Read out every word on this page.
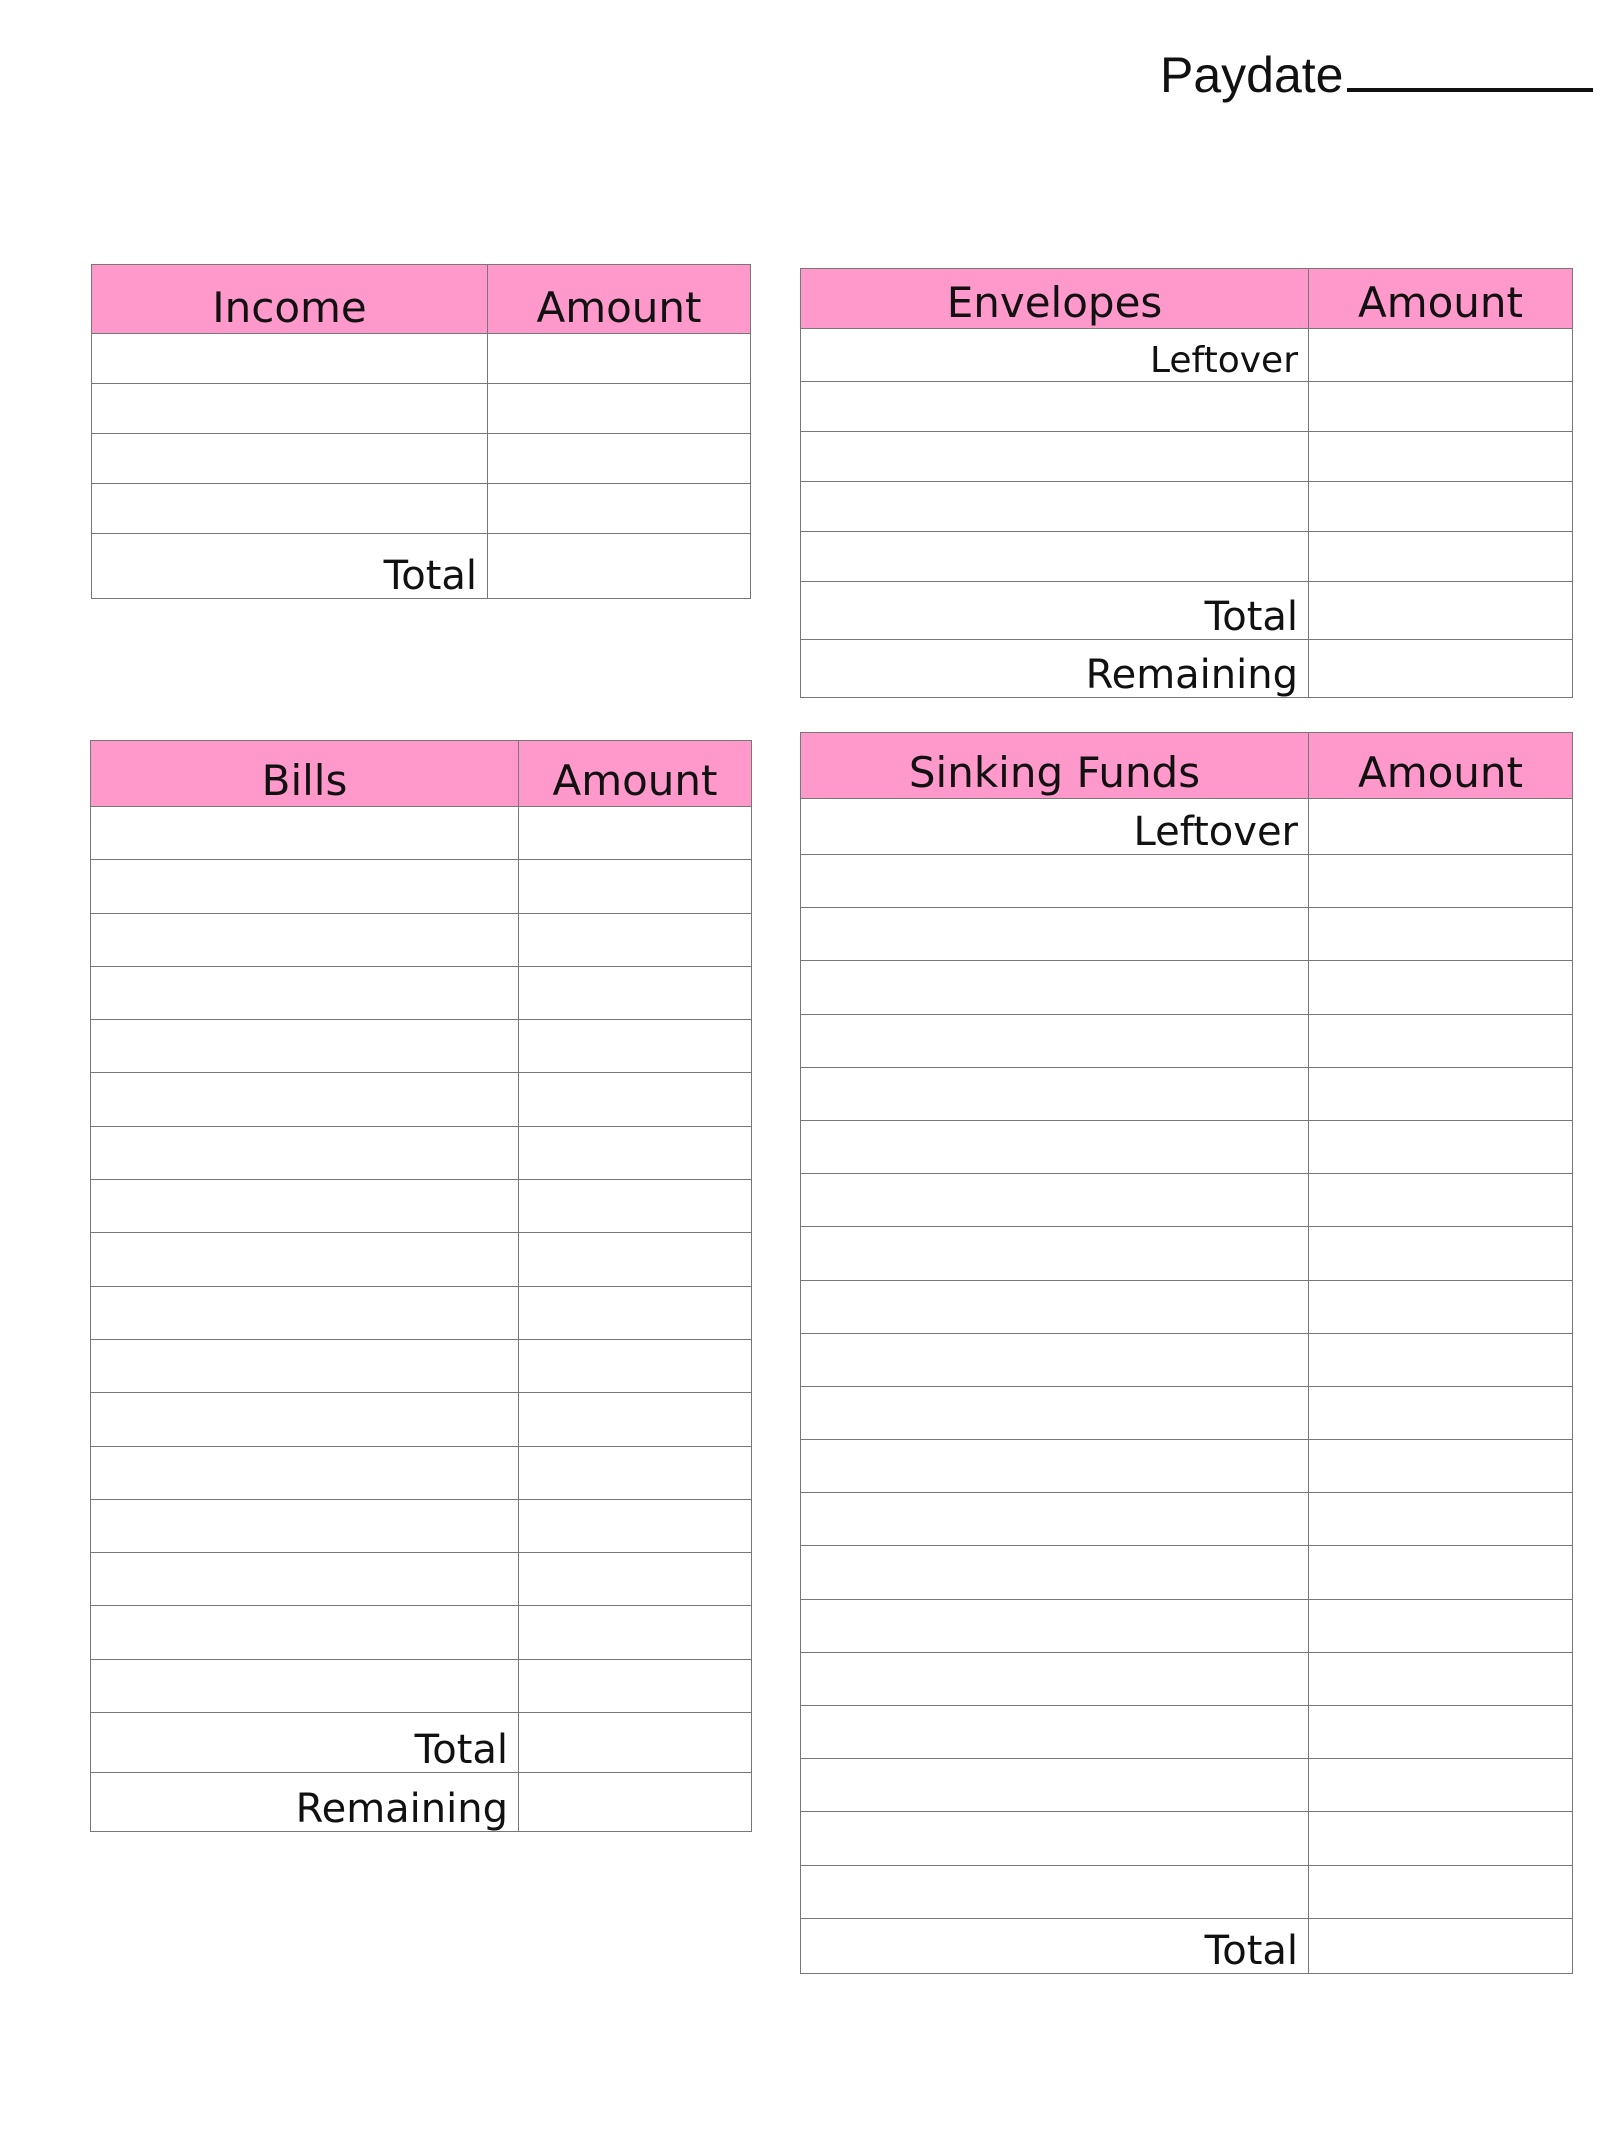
Paydate
Income	Amount

Total	
Envelopes	Amount
Leftover	

Total	
Remaining	
Bills	Amount

Total	
Remaining	
Sinking Funds	Amount
Leftover	

Total	
